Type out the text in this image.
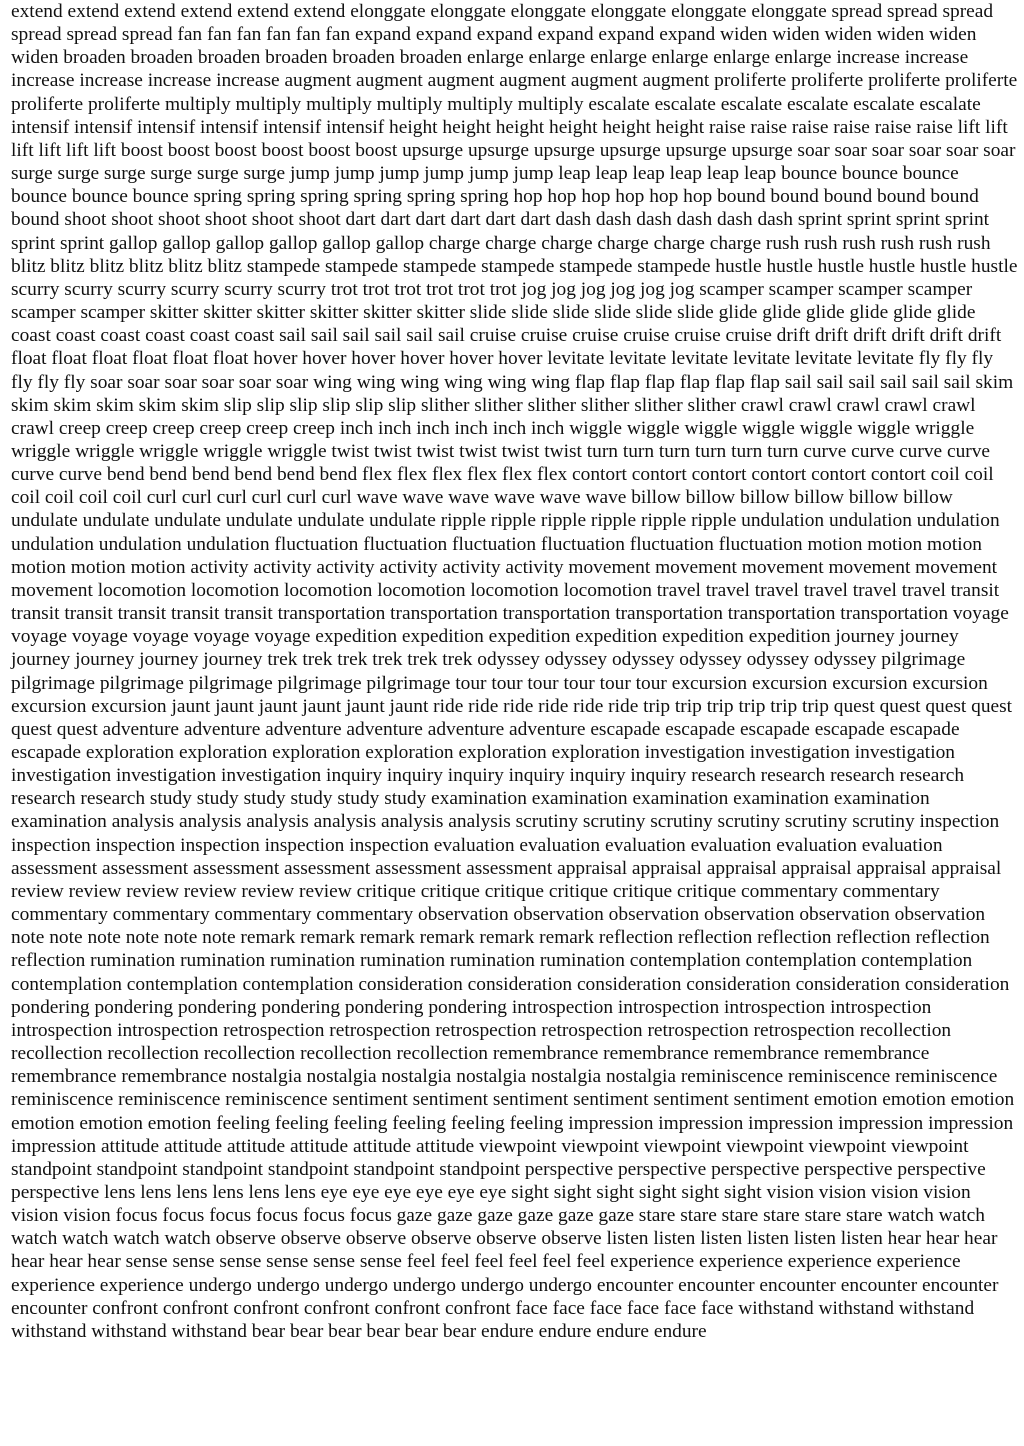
extend extend extend extend extend extend elonggate elonggate elonggate elonggate elonggate elonggate spread spread spread spread spread spread fan fan fan fan fan fan expand expand expand expand expand expand widen widen widen widen widen widen broaden broaden broaden broaden broaden broaden enlarge enlarge enlarge enlarge enlarge enlarge increase increase increase increase increase increase augment augment augment augment augment augment proliferte proliferte proliferte proliferte proliferte proliferte multiply multiply multiply multiply multiply multiply escalate escalate escalate escalate escalate escalate intensif intensif intensif intensif intensif intensif height height height height height height raise raise raise raise raise raise lift lift lift lift lift lift boost boost boost boost boost boost upsurge upsurge upsurge upsurge upsurge upsurge soar soar soar soar soar soar surge surge surge surge surge surge jump jump jump jump jump jump leap leap leap leap leap leap bounce bounce bounce bounce bounce bounce spring spring spring spring spring spring hop hop hop hop hop hop bound bound bound bound bound bound shoot shoot shoot shoot shoot shoot dart dart dart dart dart dart dash dash dash dash dash dash sprint sprint sprint sprint sprint sprint gallop gallop gallop gallop gallop gallop charge charge charge charge charge charge rush rush rush rush rush rush blitz blitz blitz blitz blitz blitz stampede stampede stampede stampede stampede stampede hustle hustle hustle hustle hustle hustle scurry scurry scurry scurry scurry scurry trot trot trot trot trot trot jog jog jog jog jog jog scamper scamper scamper scamper scamper scamper skitter skitter skitter skitter skitter skitter slide slide slide slide slide slide glide glide glide glide glide glide coast coast coast coast coast coast sail sail sail sail sail sail cruise cruise cruise cruise cruise cruise drift drift drift drift drift drift float float float float float float hover hover hover hover hover hover levitate levitate levitate levitate levitate levitate fly fly fly fly fly fly soar soar soar soar soar soar wing wing wing wing wing wing flap flap flap flap flap flap sail sail sail sail sail sail skim skim skim skim skim skim slip slip slip slip slip slip slither slither slither slither slither slither crawl crawl crawl crawl crawl crawl creep creep creep creep creep creep inch inch inch inch inch inch wiggle wiggle wiggle wiggle wiggle wiggle wriggle wriggle wriggle wriggle wriggle wriggle twist twist twist twist twist twist turn turn turn turn turn turn curve curve curve curve curve curve bend bend bend bend bend bend flex flex flex flex flex flex contort contort contort contort contort contort coil coil coil coil coil coil curl curl curl curl curl curl wave wave wave wave wave wave billow billow billow billow billow billow undulate undulate undulate undulate undulate undulate ripple ripple ripple ripple ripple ripple undulation undulation undulation undulation undulation undulation fluctuation fluctuation fluctuation fluctuation fluctuation fluctuation motion motion motion motion motion motion activity activity activity activity activity activity movement movement movement movement movement movement locomotion locomotion locomotion locomotion locomotion locomotion travel travel travel travel travel travel transit transit transit transit transit transit transportation transportation transportation transportation transportation transportation voyage voyage voyage voyage voyage voyage expedition expedition expedition expedition expedition expedition journey journey journey journey journey journey trek trek trek trek trek trek odyssey odyssey odyssey odyssey odyssey odyssey pilgrimage pilgrimage pilgrimage pilgrimage pilgrimage pilgrimage tour tour tour tour tour tour excursion excursion excursion excursion excursion excursion jaunt jaunt jaunt jaunt jaunt jaunt ride ride ride ride ride ride trip trip trip trip trip trip quest quest quest quest quest quest adventure adventure adventure adventure adventure adventure escapade escapade escapade escapade escapade escapade exploration exploration exploration exploration exploration exploration investigation investigation investigation investigation investigation investigation inquiry inquiry inquiry inquiry inquiry inquiry research research research research research research study study study study study study examination examination examination examination examination examination analysis analysis analysis analysis analysis analysis scrutiny scrutiny scrutiny scrutiny scrutiny scrutiny inspection inspection inspection inspection inspection inspection evaluation evaluation evaluation evaluation evaluation evaluation assessment assessment assessment assessment assessment assessment appraisal appraisal appraisal appraisal appraisal appraisal review review review review review review critique critique critique critique critique critique commentary commentary commentary commentary commentary commentary observation observation observation observation observation observation note note note note note note remark remark remark remark remark remark reflection reflection reflection reflection reflection reflection rumination rumination rumination rumination rumination rumination contemplation contemplation contemplation contemplation contemplation contemplation consideration consideration consideration consideration consideration consideration pondering pondering pondering pondering pondering pondering introspection introspection introspection introspection introspection introspection retrospection retrospection retrospection retrospection retrospection retrospection recollection recollection recollection recollection recollection recollection remembrance remembrance remembrance remembrance remembrance remembrance nostalgia nostalgia nostalgia nostalgia nostalgia nostalgia reminiscence reminiscence reminiscence reminiscence reminiscence reminiscence sentiment sentiment sentiment sentiment sentiment sentiment emotion emotion emotion emotion emotion emotion feeling feeling feeling feeling feeling feeling impression impression impression impression impression impression attitude attitude attitude attitude attitude attitude viewpoint viewpoint viewpoint viewpoint viewpoint viewpoint standpoint standpoint standpoint standpoint standpoint standpoint perspective perspective perspective perspective perspective perspective lens lens lens lens lens lens eye eye eye eye eye eye sight sight sight sight sight sight vision vision vision vision vision vision focus focus focus focus focus focus gaze gaze gaze gaze gaze gaze stare stare stare stare stare stare watch watch watch watch watch watch observe observe observe observe observe observe listen listen listen listen listen listen hear hear hear hear hear hear sense sense sense sense sense sense feel feel feel feel feel feel experience experience experience experience experience experience undergo undergo undergo undergo undergo undergo encounter encounter encounter encounter encounter encounter confront confront confront confront confront confront face face face face face face withstand withstand withstand withstand withstand withstand bear bear bear bear bear bear endure endure endure endure
